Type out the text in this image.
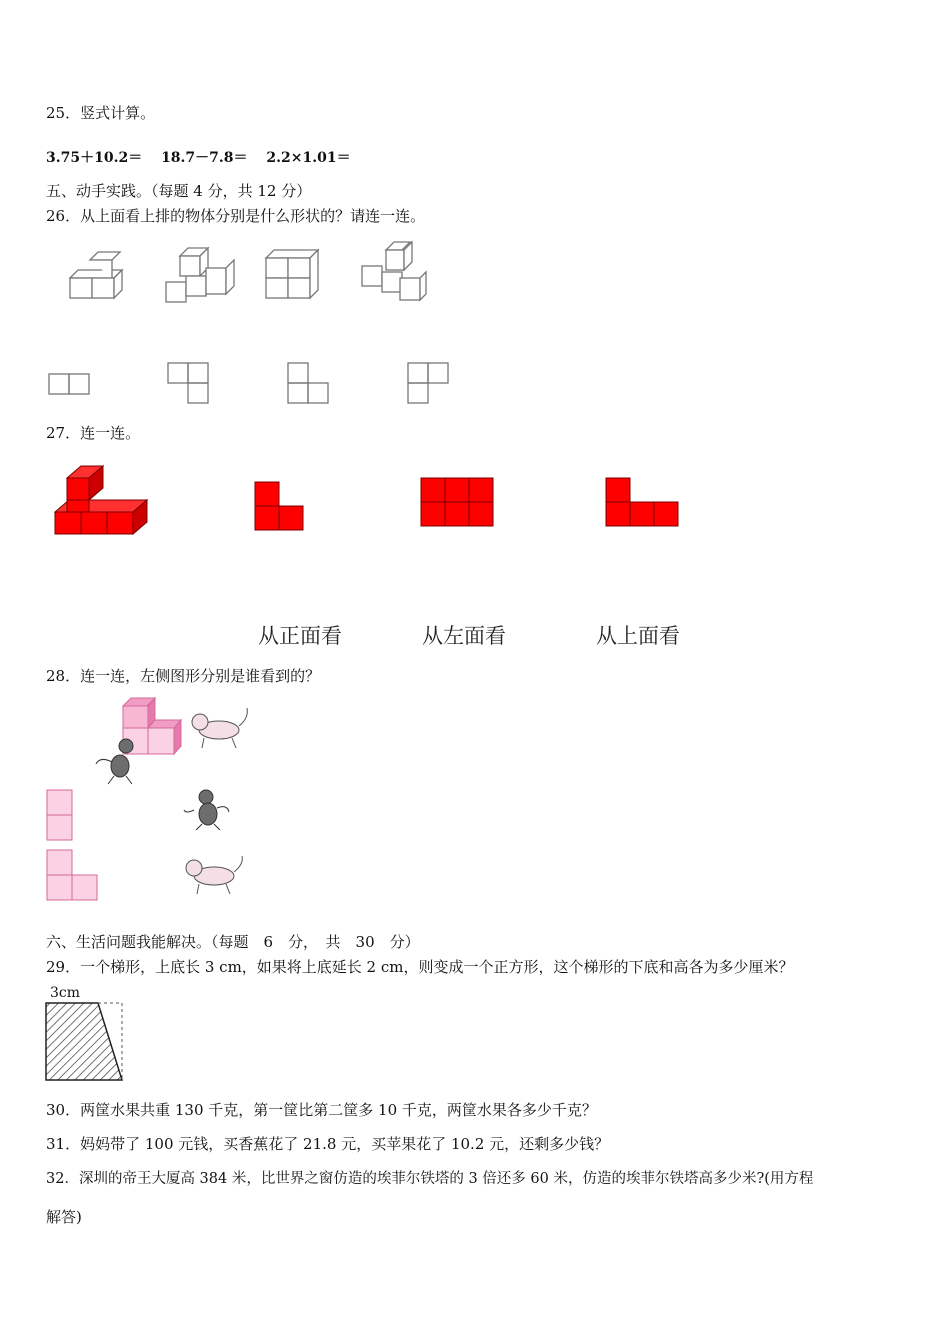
25．竖式计算。
3.75＋10.2＝　 18.7－7.8＝　 2.2×1.01＝
五、动手实践。（每题 4 分，共 12 分）
26．从上面看上排的物体分别是什么形状的？请连一连。
27．连一连。
从正面看	从左面看	从上面看
28．连一连，左侧图形分别是谁看到的？
六、生活问题我能解决。（每题　6　分，　共　30　分）
29．一个梯形，上底长 3 cm，如果将上底延长 2 cm，则变成一个正方形，这个梯形的下底和高各为多少厘米？
3cm
30．两筐水果共重 130 千克，第一筐比第二筐多 10 千克，两筐水果各多少千克？
31．妈妈带了 100 元钱，买香蕉花了 21.8 元，买苹果花了 10.2 元，还剩多少钱？
32．深圳的帝王大厦高 384 米，比世界之窗仿造的埃菲尔铁塔的 3 倍还多 60 米，仿造的埃菲尔铁塔高多少米?(用方程
解答)
